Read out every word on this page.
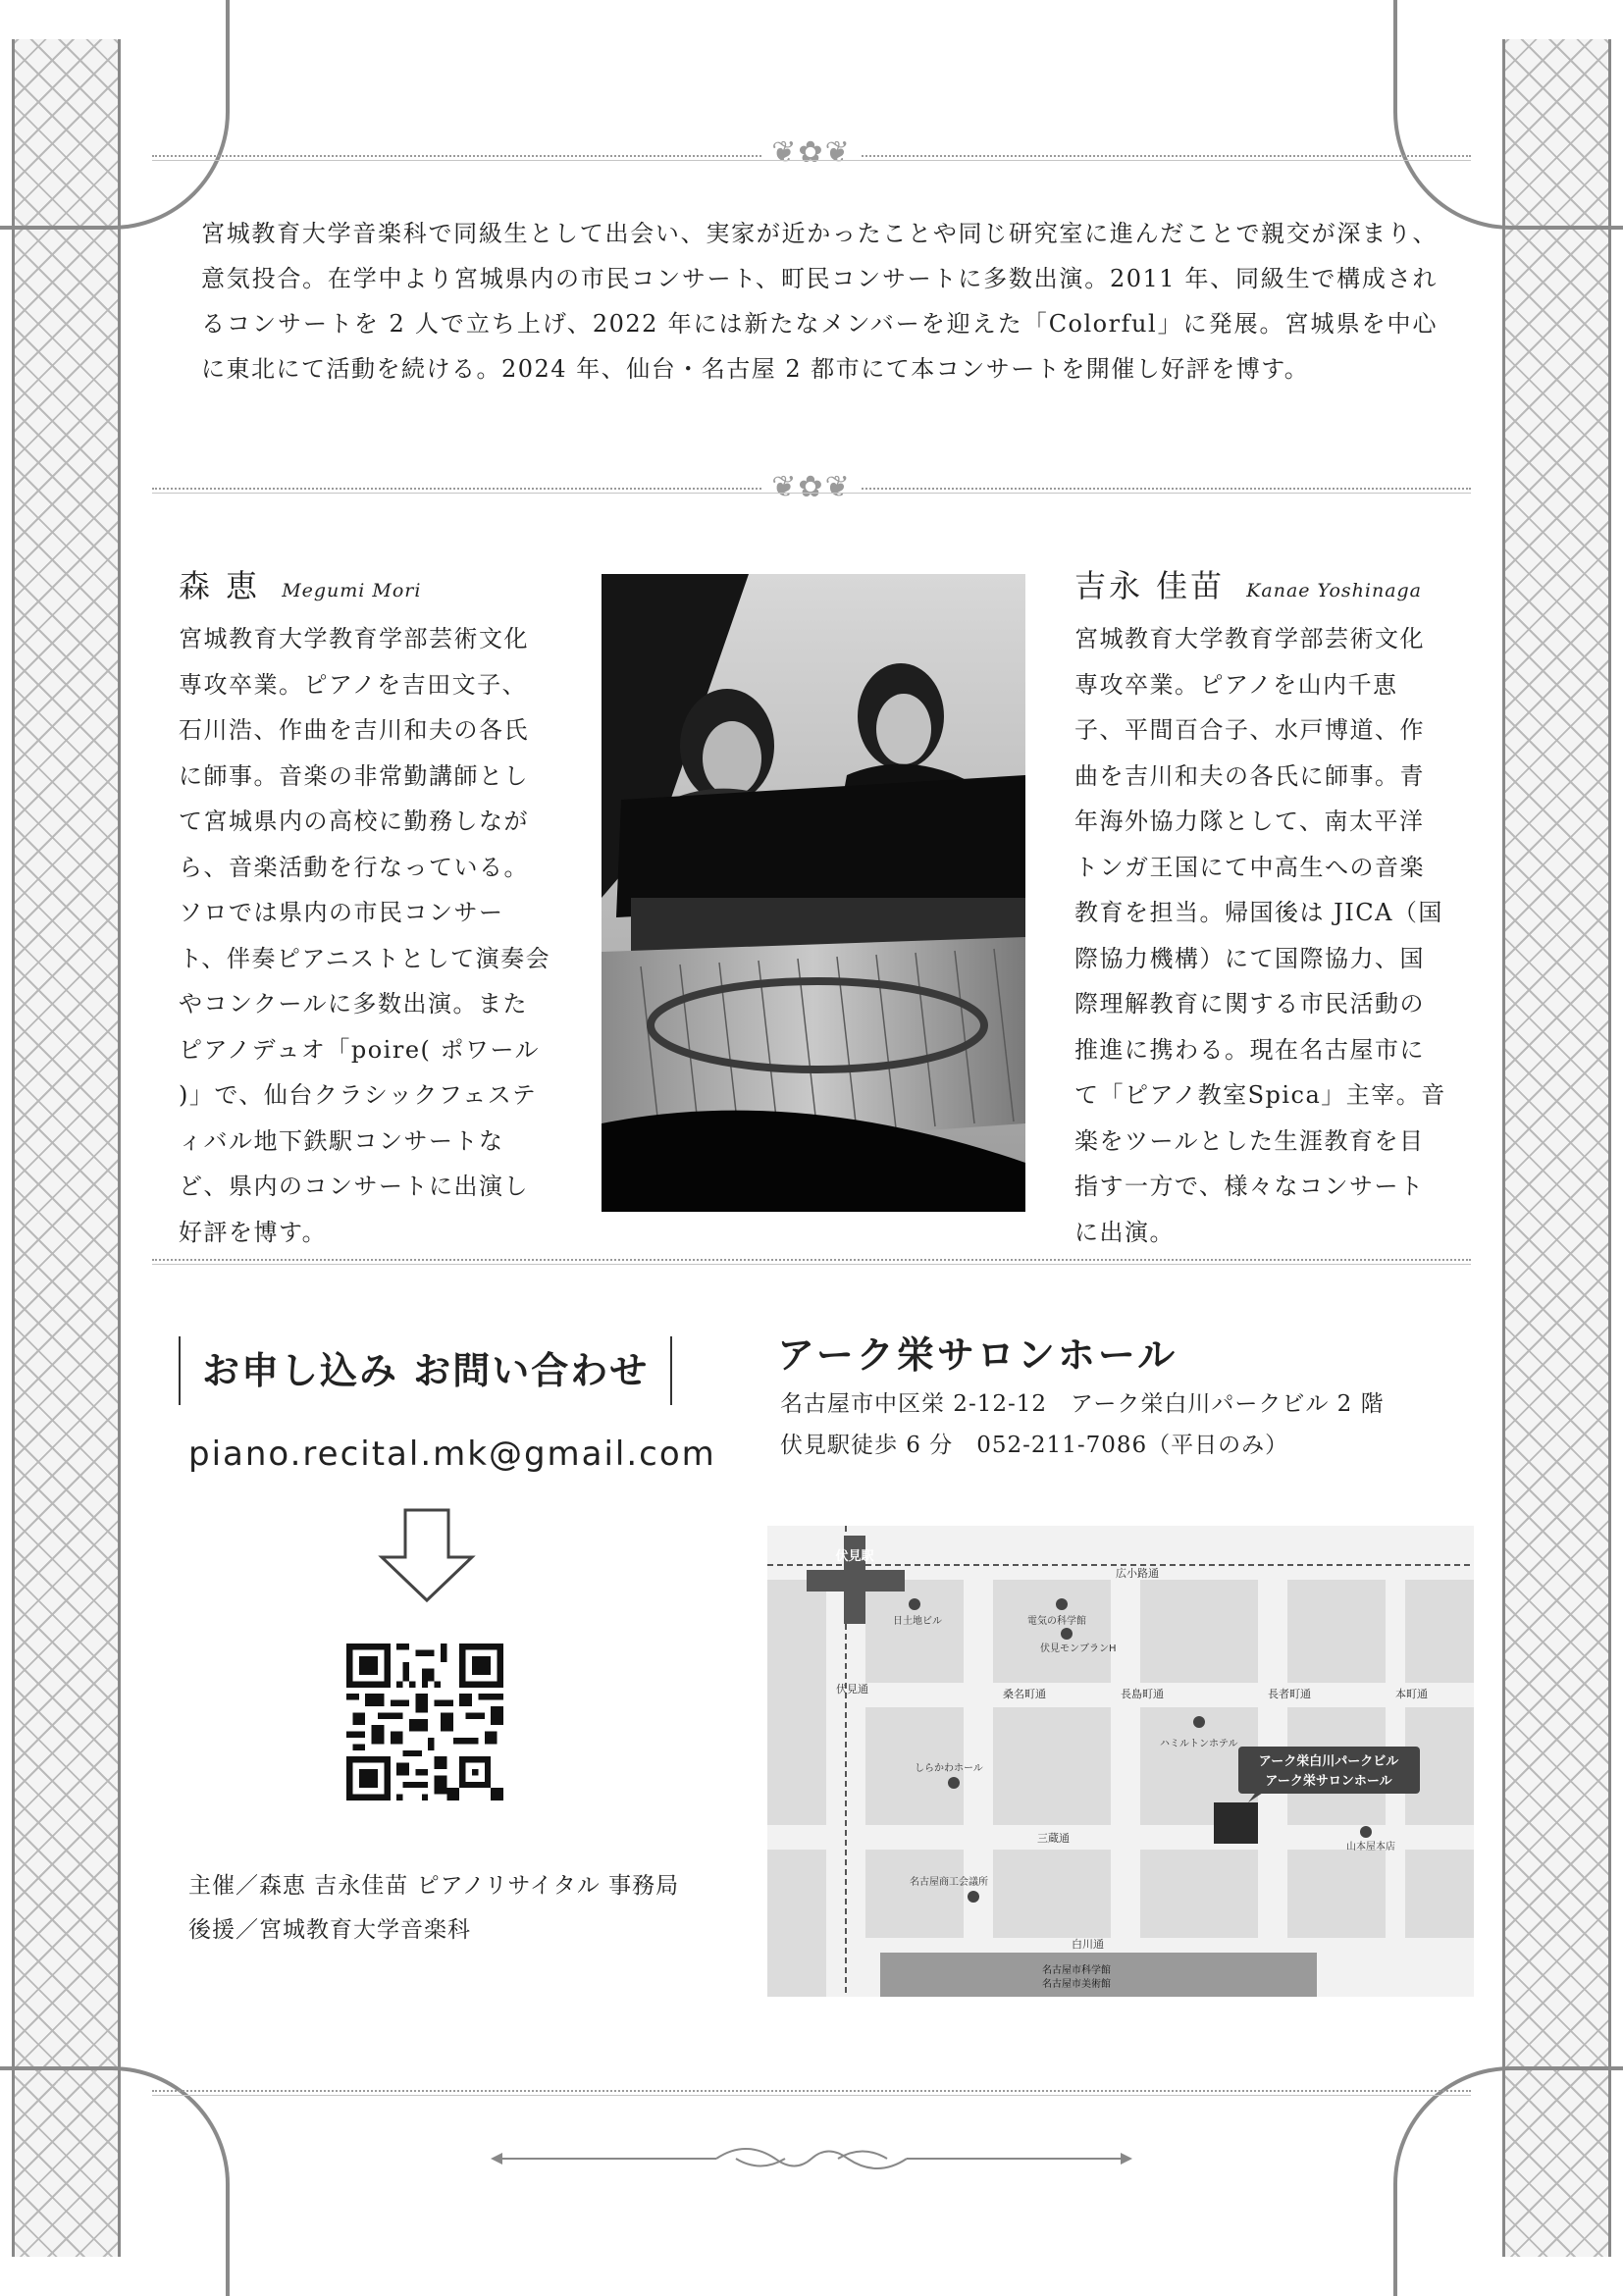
❦✿❦
宮城教育大学音楽科で同級生として出会い、実家が近かったことや同じ研究室に進んだことで親交が深まり、意気投合。在学中より宮城県内の市民コンサート、町民コンサートに多数出演。2011 年、同級生で構成されるコンサートを 2 人で立ち上げ、2022 年には新たなメンバーを迎えた「Colorful」に発展。宮城県を中心に東北にて活動を続ける。2024 年、仙台・名古屋 2 都市にて本コンサートを開催し好評を博す。
❦✿❦
森 恵 Megumi Mori
宮城教育大学教育学部芸術文化専攻卒業。ピアノを吉田文子、石川浩、作曲を吉川和夫の各氏に師事。音楽の非常勤講師として宮城県内の高校に勤務しながら、音楽活動を行なっている。ソロでは県内の市民コンサート、伴奏ピアニストとして演奏会やコンクールに多数出演。またピアノデュオ「poire( ポワール )」で、仙台クラシックフェスティバル地下鉄駅コンサートなど、県内のコンサートに出演し好評を博す。
吉永 佳苗 Kanae Yoshinaga
宮城教育大学教育学部芸術文化専攻卒業。ピアノを山内千恵子、平間百合子、水戸博道、作曲を吉川和夫の各氏に師事。青年海外協力隊として、南太平洋トンガ王国にて中高生への音楽教育を担当。帰国後は JICA（国際協力機構）にて国際協力、国際理解教育に関する市民活動の推進に携わる。現在名古屋市にて「ピアノ教室Spica」主宰。音楽をツールとした生涯教育を目指す一方で、様々なコンサートに出演。
お申し込み お問い合わせ
piano.recital.mk@gmail.com
主催／森恵 吉永佳苗 ピアノリサイタル 事務局
後援／宮城教育大学音楽科
アーク栄サロンホール
名古屋市中区栄 2-12-12　アーク栄白川パークビル 2 階
伏見駅徒歩 6 分　052-211-7086（平日のみ）
伏見駅
広小路通
伏見通	桑名町通	長島町通	長者町通	本町通
三蔵通
白川通
日土地ビル	電気の科学館
伏見モンブランH
ハミルトンホテル
しらかわホール
名古屋商工会議所
山本屋本店
名古屋市科学館
名古屋市美術館
アーク栄白川パークビル
アーク栄サロンホール
